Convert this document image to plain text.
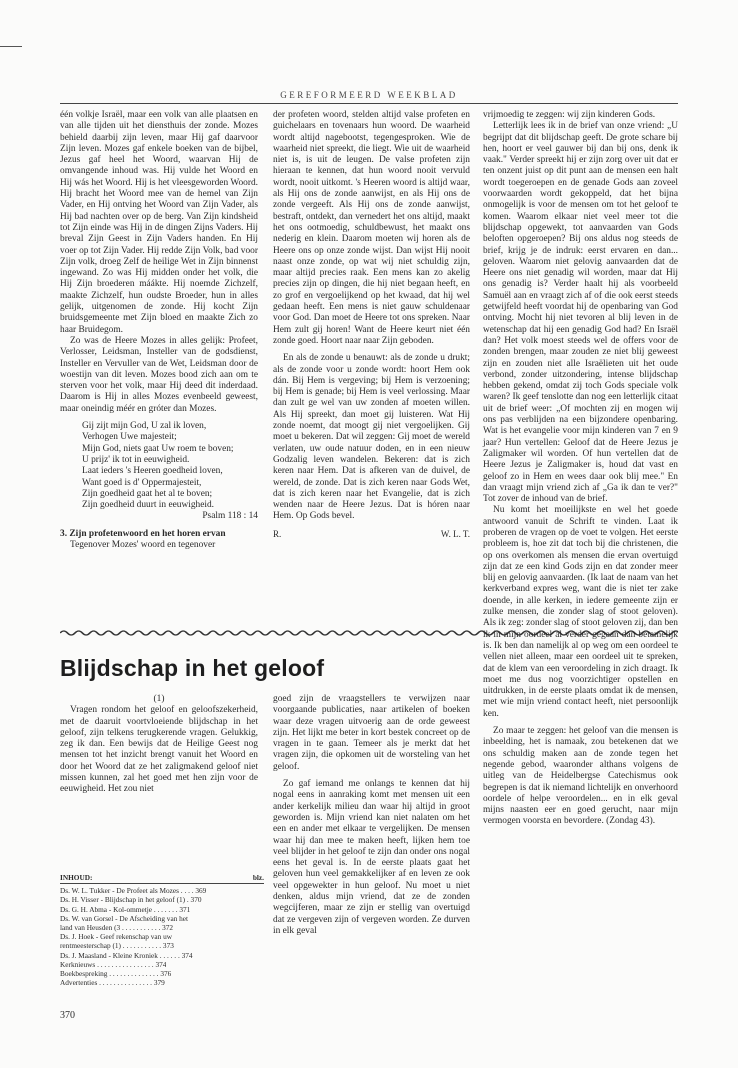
GEREFORMEERD WEEKBLAD

één volkje Israël, maar een volk van alle plaatsen en van alle tijden uit het diensthuis der zonde. Mozes behield daarbij zijn leven, maar Hij gaf daarvoor Zijn leven. Mozes gaf enkele boeken van de bijbel, Jezus gaf heel het Woord, waarvan Hij de omvangende inhoud was. Hij vulde het Woord en Hij wás het Woord. Hij is het vleesgeworden Woord. Hij bracht het Woord mee van de hemel van Zijn Vader, en Hij ontving het Woord van Zijn Vader, als Hij bad nachten over op de berg. Van Zijn kindsheid tot Zijn einde was Hij in de dingen Zijns Vaders. Hij breval Zijn Geest in Zijn Vaders handen. En Hij voer op tot Zijn Vader. Hij redde Zijn Volk, bad voor Zijn volk, droeg Zelf de heilige Wet in Zijn binnenst ingewand. Zo was Hij midden onder het volk, die Hij Zijn broederen máákte. Hij noemde Zichzelf, maakte Zichzelf, hun oudste Broeder, hun in alles gelijk, uitgenomen de zonde. Hij kocht Zijn bruidsgemeente met Zijn bloed en maakte Zich zo haar Bruidegom.

Zo was de Heere Mozes in alles gelijk: Profeet, Verlosser, Leidsman, Insteller van de godsdienst, Insteller en Vervuller van de Wet, Leidsman door de woestijn van dit leven. Mozes bood zich aan om te sterven voor het volk, maar Hij deed dit inderdaad. Daarom is Hij in alles Mozes evenbeeld geweest, maar oneindig méér en gróter dan Mozes.

Gij zijt mijn God, U zal ik loven,
Verhogen Uwe majesteit;
Mijn God, niets gaat Uw roem te boven;
U prijz' ik tot in eeuwigheid.
Laat ieders 's Heeren goedheid loven,
Want goed is d' Oppermajesteit,
Zijn goedheid gaat het al te boven;
Zijn goedheid duurt in eeuwigheid.
Psalm 118 : 14

3. Zijn profetenwoord en het horen ervan

Tegenover Mozes' woord en tegenover

der profeten woord, stelden altijd valse profeten en guichelaars en tovenaars hun woord. De waarheid wordt altijd nagebootst, tegengesproken. Wie de waarheid niet spreekt, die liegt. Wie uit de waarheid niet is, is uit de leugen. De valse profeten zijn hieraan te kennen, dat hun woord nooit vervuld wordt, nooit uitkomt. 's Heeren woord is altijd waar, als Hij ons de zonde aanwijst, en als Hij ons de zonde vergeeft. Als Hij ons de zonde aanwijst, bestraft, ontdekt, dan vernedert het ons altijd, maakt het ons ootmoedig, schuldbewust, het maakt ons nederig en klein. Daarom moeten wij horen als de Heere ons op onze zonde wijst. Dan wijst Hij nooit naast onze zonde, op wat wij niet schuldig zijn, maar altijd precies raak. Een mens kan zo akelig precies zijn op dingen, die hij niet begaan heeft, en zo grof en vergoelijkend op het kwaad, dat hij wel gedaan heeft. Een mens is niet gauw schuldenaar voor God. Dan moet de Heere tot ons spreken. Naar Hem zult gij horen! Want de Heere keurt niet één zonde goed. Hoort naar naar Zijn geboden.

En als de zonde u benauwt: als de zonde u drukt; als de zonde voor u zonde wordt: hoort Hem ook dán. Bij Hem is vergeving; bij Hem is verzoening; bij Hem is genade; bij Hem is veel verlossing. Maar dan zult ge wel van uw zonden af moeten willen. Als Hij spreekt, dan moet gij luisteren. Wat Hij zonde noemt, dat moogt gij niet vergoelijken. Gij moet u bekeren. Dat wil zeggen: Gij moet de wereld verlaten, uw oude natuur doden, en in een nieuw Godzalig leven wandelen. Bekeren: dat is zich keren naar Hem. Dat is afkeren van de duivel, de wereld, de zonde. Dat is zich keren naar Gods Wet, dat is zich keren naar het Evangelie, dat is zich wenden naar de Heere Jezus. Dat is hóren naar Hem. Op Gods bevel.

R.	W. L. T.

vrijmoedig te zeggen: wij zijn kinderen Gods.

Letterlijk lees ik in de brief van onze vriend: „U begrijpt dat dit blijdschap geeft. De grote schare bij hen, hoort er veel gauwer bij dan bij ons, denk ik vaak." Verder spreekt hij er zijn zorg over uit dat er ten onzent juist op dit punt aan de mensen een halt wordt toegeroepen en de genade Gods aan zoveel voorwaarden wordt gekoppeld, dat het bijna onmogelijk is voor de mensen om tot het geloof te komen. Waarom elkaar niet veel meer tot die blijdschap opgewekt, tot aanvaarden van Gods beloften opgeroepen? Bij ons aldus nog steeds de brief, krijg je de indruk: eerst ervaren en dan... geloven. Waarom niet gelovig aanvaarden dat de Heere ons niet genadig wil worden, maar dat Hij ons genadig is? Verder haalt hij als voorbeeld Samuël aan en vraagt zich af of die ook eerst steeds getwijfeld heeft voordat hij de openbaring van God ontving. Mocht hij niet tevoren al blij leven in de wetenschap dat hij een genadig God had? En Israël dan? Het volk moest steeds wel de offers voor de zonden brengen, maar zouden ze niet blij geweest zijn en zouden niet alle Israëlieten uit het oude verbond, zonder uitzondering, intense blijdschap hebben gekend, omdat zij toch Gods speciale volk waren? Ik geef tenslotte dan nog een letterlijk citaat uit de brief weer: „Of mochten zij en mogen wij ons pas verblijden na een bijzondere openbaring. Wat is het evangelie voor mijn kinderen van 7 en 9 jaar? Hun vertellen: Geloof dat de Heere Jezus je Zaligmaker wil worden. Of hun vertellen dat de Heere Jezus je Zaligmaker is, houd dat vast en geloof zo in Hem en wees daar ook blij mee." En dan vraagt mijn vriend zich af „Ga ik dan te ver?" Tot zover de inhoud van de brief.

Nu komt het moeilijkste en wel het goede antwoord vanuit de Schrift te vinden. Laat ik proberen de vragen op de voet te volgen. Het eerste probleem is, hoe zit dat toch bij die christenen, die op ons overkomen als mensen die ervan overtuigd zijn dat ze een kind Gods zijn en dat zonder meer blij en gelovig aanvaarden. (Ik laat de naam van het kerkverband expres weg, want die is niet ter zake doende, in alle kerken, in iedere gemeente zijn er zulke mensen, die zonder slag of stoot geloven). Als ik zeg: zonder slag of stoot geloven zij, dan ben ik in mijn oordeel al verder gegaan dan betamelijk is. Ik ben dan namelijk al op weg om een oordeel te vellen niet alleen, maar een oordeel uit te spreken, dat de klem van een veroordeling in zich draagt. Ik moet me dus nog voorzichtiger opstellen en uitdrukken, in de eerste plaats omdat ik de mensen, met wie mijn vriend contact heeft, niet persoonlijk ken.

Zo maar te zeggen: het geloof van die mensen is inbeelding, het is namaak, zou betekenen dat we ons schuldig maken aan de zonde tegen het negende gebod, waaronder althans volgens de uitleg van de Heidelbergse Catechismus ook begrepen is dat ik niemand lichtelijk en onverhoord oordele of helpe veroordelen... en in elk geval mijns naasten eer en goed gerucht, naar mijn vermogen voorsta en bevordere. (Zondag 43).

Blijdschap in het geloof

(1)

Vragen rondom het geloof en geloofszekerheid, met de daaruit voortvloeiende blijdschap in het geloof, zijn telkens terugkerende vragen. Gelukkig, zeg ik dan. Een bewijs dat de Heilige Geest nog mensen tot het inzicht brengt vanuit het Woord en door het Woord dat ze het zaligmakend geloof niet missen kunnen, zal het goed met hen zijn voor de eeuwigheid. Het zou niet

INHOUD:	blz.
Ds. W. L. Tukker - De Profeet als Mozes . . . . 369
Ds. H. Visser - Blijdschap in het geloof (1) . 370
Ds. G. H. Abma - Kol-ommetje . . . . . . . 371
Ds. W. van Gorsel - De Afscheiding van het
land van Heusden (3 . . . . . . . . . . . 372
Ds. J. Hoek - Geef rekenschap van uw
rentmeesterschap (1) . . . . . . . . . . . 373
Ds. J. Maasland - Kleine Kroniek . . . . . . 374
Kerknieuws . . . . . . . . . . . . . . . . 374
Boekbespreking . . . . . . . . . . . . . . 376
Advertenties . . . . . . . . . . . . . . . 379

goed zijn de vraagstellers te verwijzen naar voorgaande publicaties, naar artikelen of boeken waar deze vragen uitvoerig aan de orde geweest zijn. Het lijkt me beter in kort bestek concreet op de vragen in te gaan. Temeer als je merkt dat het vragen zijn, die opkomen uit de worsteling van het geloof.

Zo gaf iemand me onlangs te kennen dat hij nogal eens in aanraking komt met mensen uit een ander kerkelijk milieu dan waar hij altijd in groot geworden is. Mijn vriend kan niet nalaten om het een en ander met elkaar te vergelijken. De mensen waar hij dan mee te maken heeft, lijken hem toe veel blijder in het geloof te zijn dan onder ons nogal eens het geval is. In de eerste plaats gaat het geloven hun veel gemakkelijker af en leven ze ook veel opgewekter in hun geloof. Nu moet u niet denken, aldus mijn vriend, dat ze de zonden wegcijferen, maar ze zijn er stellig van overtuigd dat ze vergeven zijn of vergeven worden. Ze durven in elk geval

370
